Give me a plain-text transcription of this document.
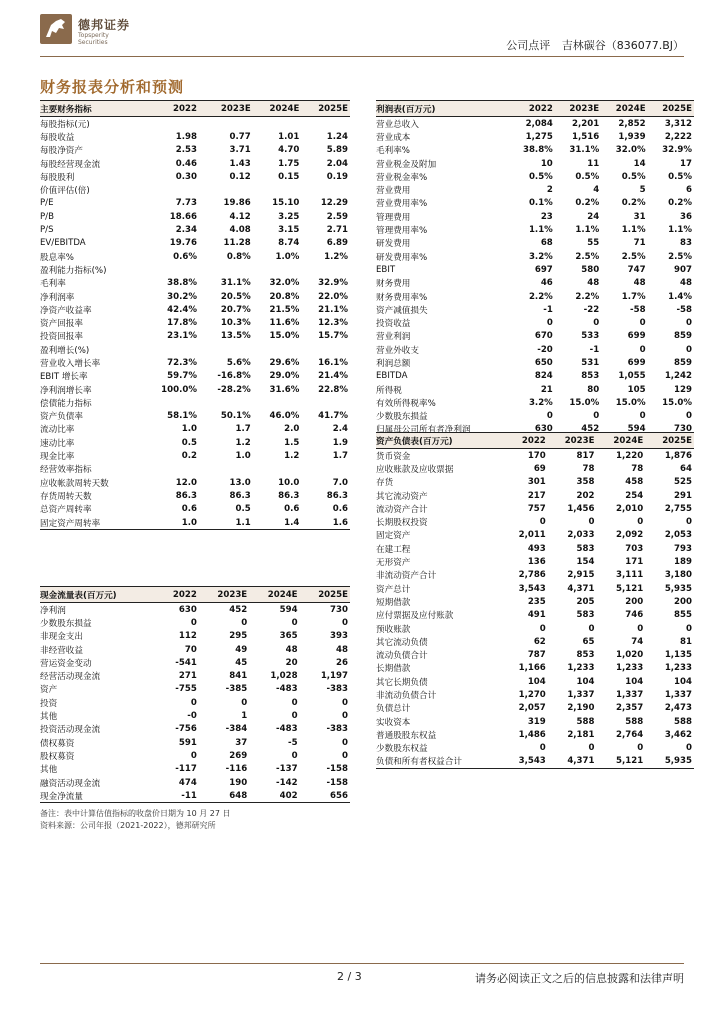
德邦证券
Topsperity Securities	公司点评 吉林碳谷（836077.BJ）
财务报表分析和预测
主要财务指标	2022	2023E	2024E	2025E
每股指标(元)				
每股收益	1.98	0.77	1.01	1.24
每股净资产	2.53	3.71	4.70	5.89
每股经营现金流	0.46	1.43	1.75	2.04
每股股利	0.30	0.12	0.15	0.19
价值评估(倍)				
P/E	7.73	19.86	15.10	12.29
P/B	18.66	4.12	3.25	2.59
P/S	2.34	4.08	3.15	2.71
EV/EBITDA	19.76	11.28	8.74	6.89
股息率%	0.6%	0.8%	1.0%	1.2%
盈利能力指标(%)				
毛利率	38.8%	31.1%	32.0%	32.9%
净利润率	30.2%	20.5%	20.8%	22.0%
净资产收益率	42.4%	20.7%	21.5%	21.1%
资产回报率	17.8%	10.3%	11.6%	12.3%
投资回报率	23.1%	13.5%	15.0%	15.7%
盈利增长(%)				
营业收入增长率	72.3%	5.6%	29.6%	16.1%
EBIT 增长率	59.7%	-16.8%	29.0%	21.4%
净利润增长率	100.0%	-28.2%	31.6%	22.8%
偿债能力指标				
资产负债率	58.1%	50.1%	46.0%	41.7%
流动比率	1.0	1.7	2.0	2.4
速动比率	0.5	1.2	1.5	1.9
现金比率	0.2	1.0	1.2	1.7
经营效率指标				
应收帐款周转天数	12.0	13.0	10.0	7.0
存货周转天数	86.3	86.3	86.3	86.3
总资产周转率	0.6	0.5	0.6	0.6
固定资产周转率	1.0	1.1	1.4	1.6
利润表(百万元)	2022	2023E	2024E	2025E
营业总收入	2,084	2,201	2,852	3,312
营业成本	1,275	1,516	1,939	2,222
毛利率%	38.8%	31.1%	32.0%	32.9%
营业税金及附加	10	11	14	17
营业税金率%	0.5%	0.5%	0.5%	0.5%
营业费用	2	4	5	6
营业费用率%	0.1%	0.2%	0.2%	0.2%
管理费用	23	24	31	36
管理费用率%	1.1%	1.1%	1.1%	1.1%
研发费用	68	55	71	83
研发费用率%	3.2%	2.5%	2.5%	2.5%
EBIT	697	580	747	907
财务费用	46	48	48	48
财务费用率%	2.2%	2.2%	1.7%	1.4%
资产减值损失	-1	-22	-58	-58
投资收益	0	0	0	0
营业利润	670	533	699	859
营业外收支	-20	-1	0	0
利润总额	650	531	699	859
EBITDA	824	853	1,055	1,242
所得税	21	80	105	129
有效所得税率%	3.2%	15.0%	15.0%	15.0%
少数股东损益	0	0	0	0
归属母公司所有者净利润	630	452	594	730
资产负债表(百万元)	2022	2023E	2024E	2025E
货币资金	170	817	1,220	1,876
应收账款及应收票据	69	78	78	64
存货	301	358	458	525
其它流动资产	217	202	254	291
流动资产合计	757	1,456	2,010	2,755
长期股权投资	0	0	0	0
固定资产	2,011	2,033	2,092	2,053
在建工程	493	583	703	793
无形资产	136	154	171	189
非流动资产合计	2,786	2,915	3,111	3,180
资产总计	3,543	4,371	5,121	5,935
短期借款	235	205	200	200
应付票据及应付账款	491	583	746	855
预收账款	0	0	0	0
其它流动负债	62	65	74	81
流动负债合计	787	853	1,020	1,135
长期借款	1,166	1,233	1,233	1,233
其它长期负债	104	104	104	104
非流动负债合计	1,270	1,337	1,337	1,337
负债总计	2,057	2,190	2,357	2,473
实收资本	319	588	588	588
普通股股东权益	1,486	2,181	2,764	3,462
少数股东权益	0	0	0	0
负债和所有者权益合计	3,543	4,371	5,121	5,935
现金流量表(百万元)	2022	2023E	2024E	2025E
净利润	630	452	594	730
少数股东损益	0	0	0	0
非现金支出	112	295	365	393
非经营收益	70	49	48	48
营运资金变动	-541	45	20	26
经营活动现金流	271	841	1,028	1,197
资产	-755	-385	-483	-383
投资	0	0	0	0
其他	-0	1	0	0
投资活动现金流	-756	-384	-483	-383
债权募资	591	37	-5	0
股权募资	0	269	0	0
其他	-117	-116	-137	-158
融资活动现金流	474	190	-142	-158
现金净流量	-11	648	402	656
备注：表中计算估值指标的收盘价日期为 10 月 27 日
资料来源：公司年报（2021-2022），德邦研究所
2 / 3	请务必阅读正文之后的信息披露和法律声明
